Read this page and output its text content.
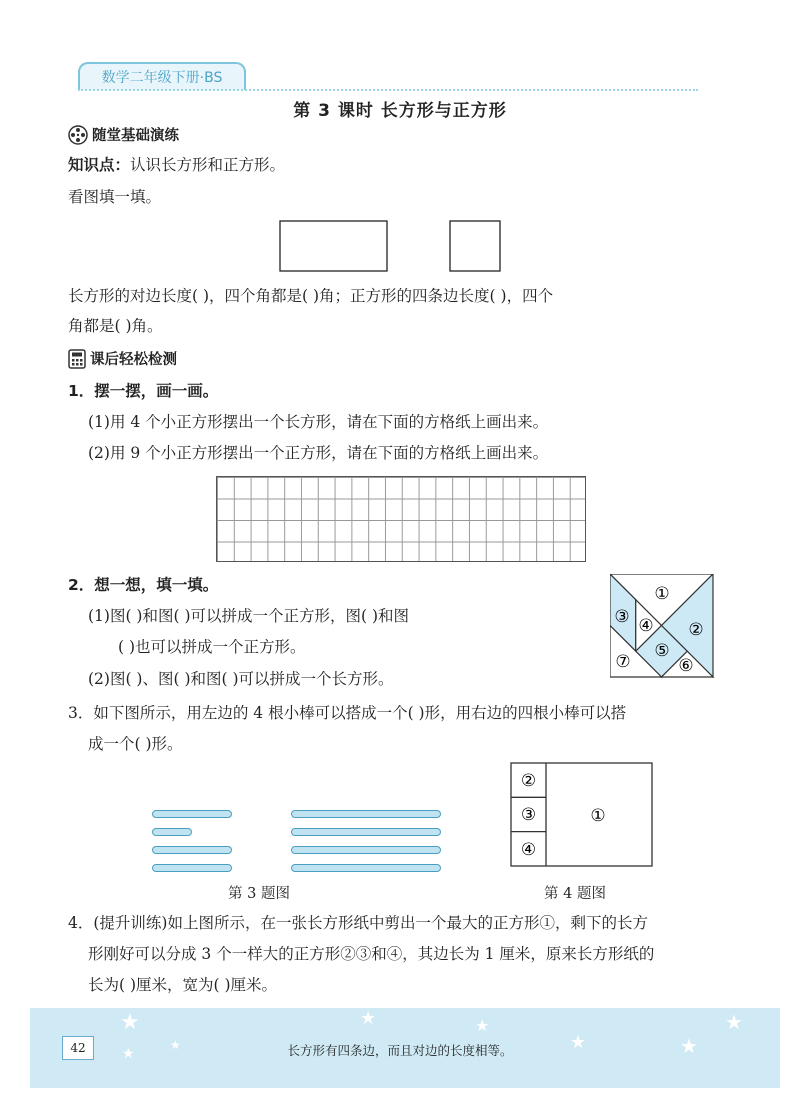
数学二年级下册·BS
第 3 课时 长方形与正方形
随堂基础演练
知识点：认识长方形和正方形。
看图填一填。
长方形的对边长度( )，四个角都是( )角；正方形的四条边长度( )，四个
角都是( )角。
课后轻松检测
1．摆一摆，画一画。
(1)用 4 个小正方形摆出一个长方形，请在下面的方格纸上画出来。
(2)用 9 个小正方形摆出一个正方形，请在下面的方格纸上画出来。
2．想一想，填一填。
(1)图( )和图( )可以拼成一个正方形，图( )和图
( )也可以拼成一个正方形。
(2)图( )、图( )和图( )可以拼成一个长方形。
①
②
③ ④
⑤
⑥
⑦
3．如下图所示，用左边的 4 根小棒可以搭成一个( )形，用右边的四根小棒可以搭
成一个( )形。
第 3 题图
②
③
④
①
第 4 题图
4．(提升训练)如上图所示，在一张长方形纸中剪出一个最大的正方形①，剩下的长方
形刚好可以分成 3 个一样大的正方形②③和④，其边长为 1 厘米，原来长方形纸的
长为( )厘米，宽为( )厘米。
★	★	★
★	★
★
★
★
42	长方形有四条边，而且对边的长度相等。
